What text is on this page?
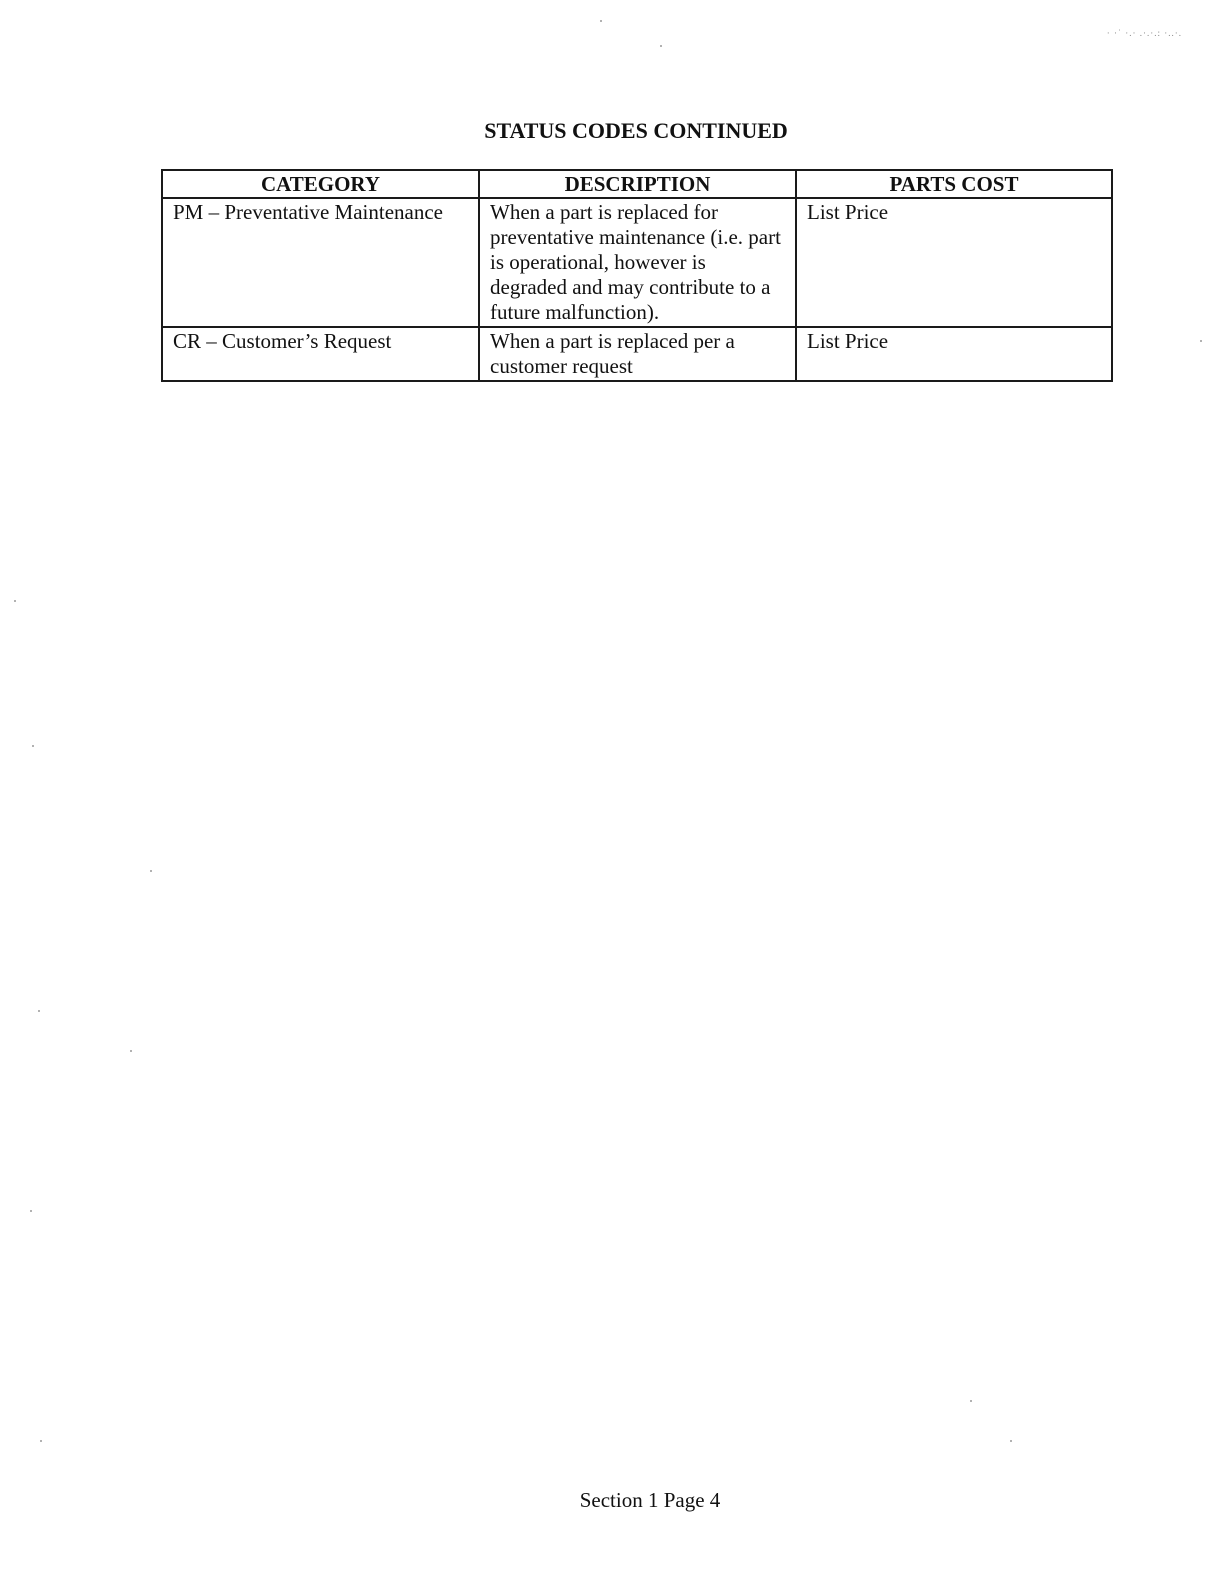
· ·˙ ·.· .·.·.: ·..·.
STATUS CODES CONTINUED
CATEGORY	DESCRIPTION	PARTS COST
PM – Preventative Maintenance	When a part is replaced for preventative maintenance (i.e. part is operational, however is degraded and may contribute to a future malfunction).	List Price
CR – Customer’s Request	When a part is replaced per a customer request	List Price
Section 1 Page 4
